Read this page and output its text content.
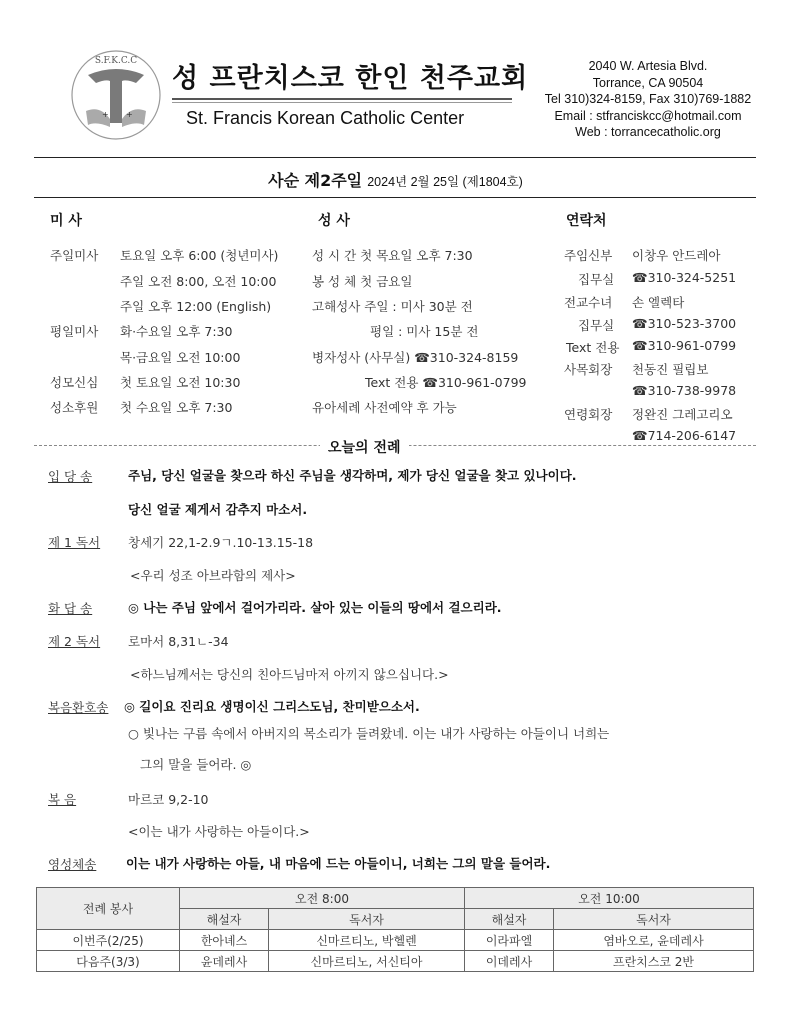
S.F.K.C.C
+ +
성 프란치스코 한인 천주교회
St. Francis Korean Catholic Center
2040 W. Artesia Blvd.
Torrance, CA 90504
Tel 310)324-8159, Fax 310)769-1882
Email : stfranciskcc@hotmail.com
Web : torrancecatholic.org
사순 제2주일 2024년 2월 25일 (제1804호)
미 사
주일미사 토요일 오후 6:00 (청년미사)
주일 오전 8:00, 오전 10:00
주일 오후 12:00 (English)
평일미사 화·수요일 오후 7:30
목·금요일 오전 10:00
성모신심 첫 토요일 오전 10:30
성소후원 첫 수요일 오후 7:30
성 사
성 시 간 첫 목요일 오후 7:30
봉 성 체 첫 금요일
고해성사 주일 : 미사 30분 전
평일 : 미사 15분 전
병자성사 (사무실) ☎310-324-8159
Text 전용 ☎310-961-0799
유아세례 사전예약 후 가능
연락처
주임신부 이창우 안드레아
집무실 ☎310-324-5251
전교수녀 손 엘렉타
집무실 ☎310-523-3700
Text 전용 ☎310-961-0799
사목회장 천동진 필립보
☎310-738-9978
연령회장 정완진 그레고리오
☎714-206-6147
오늘의 전례
입 당 송	주님, 당신 얼굴을 찾으라 하신 주님을 생각하며, 제가 당신 얼굴을 찾고 있나이다.
당신 얼굴 제게서 감추지 마소서.
제 1 독서 창세기 22,1-2.9ㄱ.10-13.15-18
<우리 성조 아브라함의 제사>
화 답 송	◎ 나는 주님 앞에서 걸어가리라. 살아 있는 이들의 땅에서 걸으리라.
제 2 독서 로마서 8,31ㄴ-34
<하느님께서는 당신의 친아드님마저 아끼지 않으십니다.>
복음환호송 ◎ 길이요 진리요 생명이신 그리스도님, 찬미받으소서.
○ 빛나는 구름 속에서 아버지의 목소리가 들려왔네. 이는 내가 사랑하는 아들이니 너희는
그의 말을 들어라. ◎
복 음	마르코 9,2-10
<이는 내가 사랑하는 아들이다.>
영성체송 이는 내가 사랑하는 아들, 내 마음에 드는 아들이니, 너희는 그의 말을 들어라.
전례 봉사	오전 8:00		오전 10:00	
	해설자	독서자	해설자	독서자
이번주(2/25)	한아녜스	신마르티노, 박헬렌	이라파엘	염바오로, 윤데레사
다음주(3/3)	윤데레사	신마르티노, 서신티아	이데레사	프란치스코 2반
